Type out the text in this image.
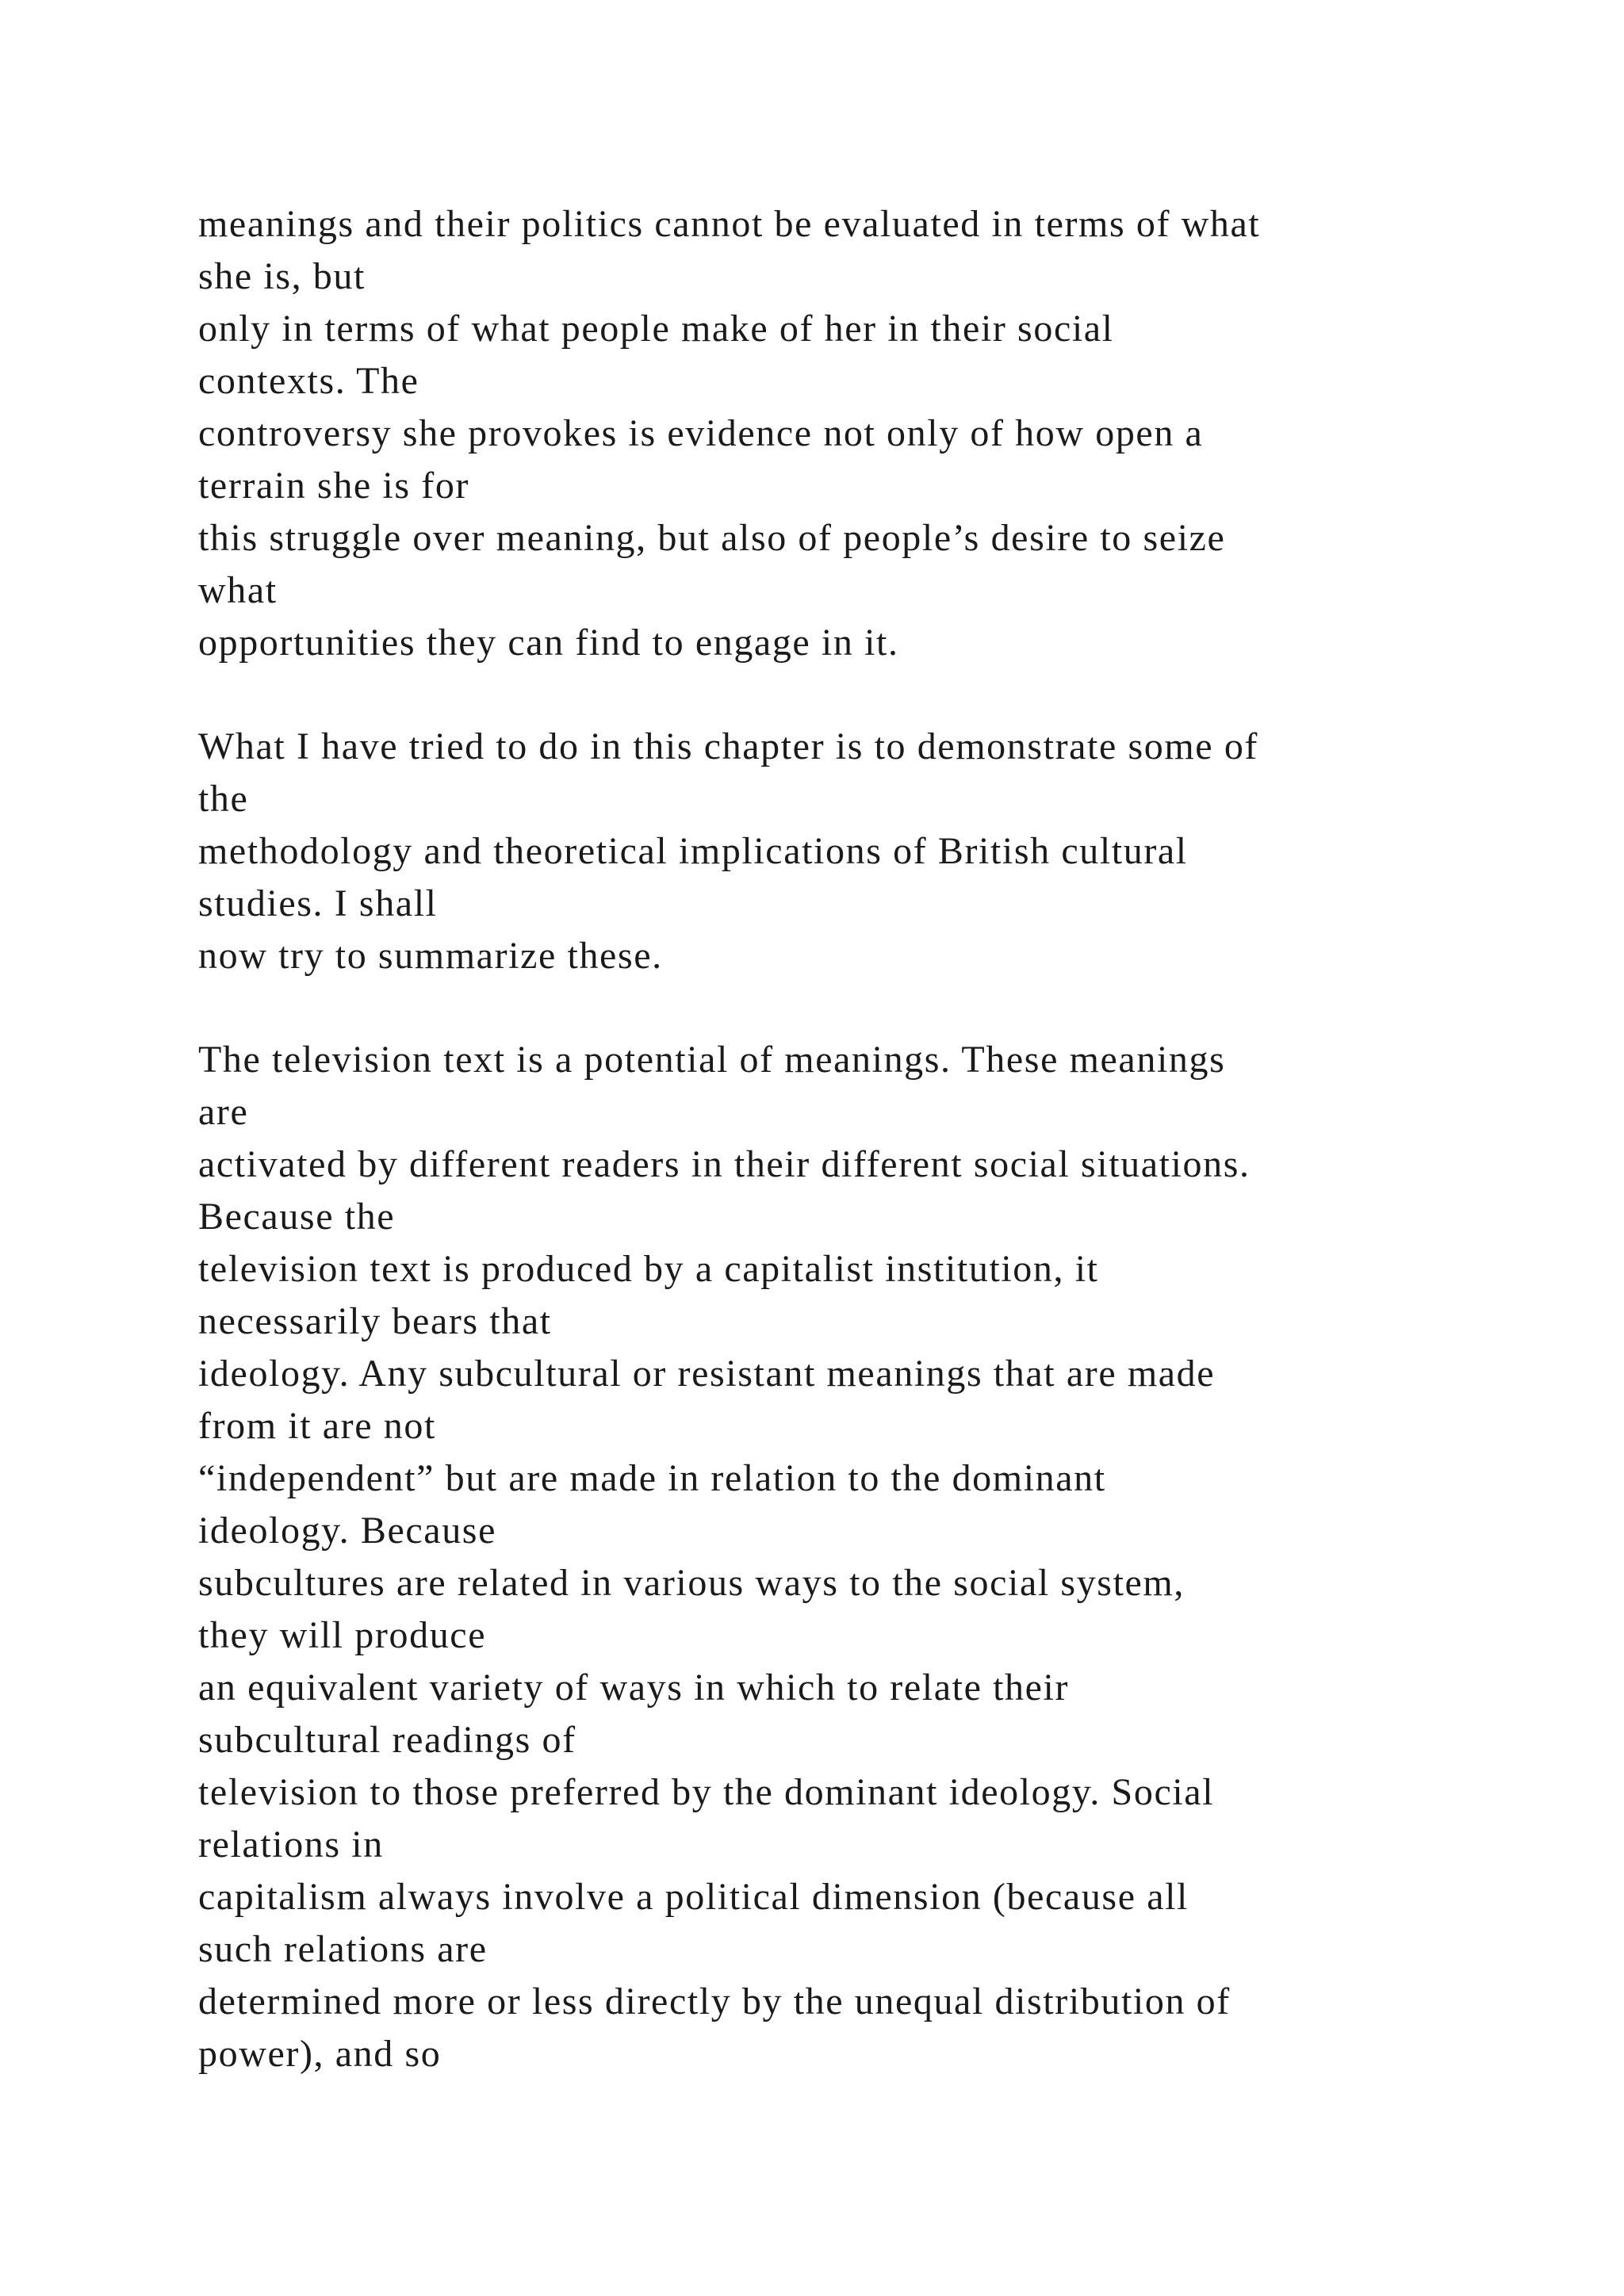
meanings and their politics cannot be evaluated in terms of what
she is, but
only in terms of what people make of her in their social
contexts. The
controversy she provokes is evidence not only of how open a
terrain she is for
this struggle over meaning, but also of people’s desire to seize
what
opportunities they can find to engage in it.
What I have tried to do in this chapter is to demonstrate some of
the
methodology and theoretical implications of British cultural
studies. I shall
now try to summarize these.
The television text is a potential of meanings. These meanings
are
activated by different readers in their different social situations.
Because the
television text is produced by a capitalist institution, it
necessarily bears that
ideology. Any subcultural or resistant meanings that are made
from it are not
“independent” but are made in relation to the dominant
ideology. Because
subcultures are related in various ways to the social system,
they will produce
an equivalent variety of ways in which to relate their
subcultural readings of
television to those preferred by the dominant ideology. Social
relations in
capitalism always involve a political dimension (because all
such relations are
determined more or less directly by the unequal distribution of
power), and so
